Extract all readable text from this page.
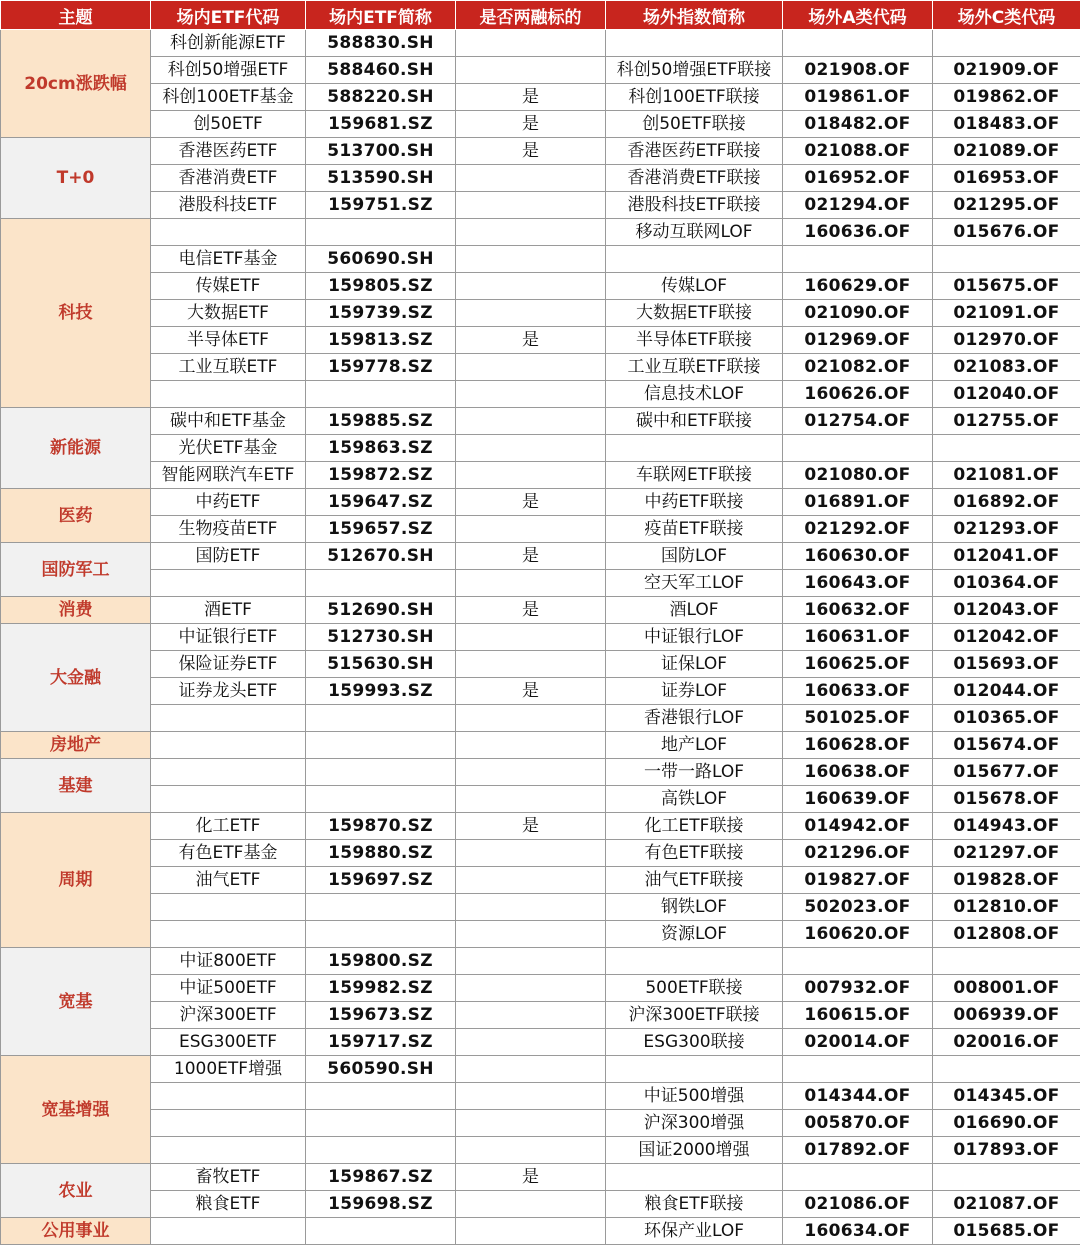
主题	场内ETF代码	场内ETF简称	是否两融标的	场外指数简称	场外A类代码	场外C类代码
20cm涨跌幅	科创新能源ETF	588830.SH				
	科创50增强ETF	588460.SH		科创50增强ETF联接	021908.OF	021909.OF
	科创100ETF基金	588220.SH	是	科创100ETF联接	019861.OF	019862.OF
	创50ETF	159681.SZ	是	创50ETF联接	018482.OF	018483.OF
T+0	香港医药ETF	513700.SH	是	香港医药ETF联接	021088.OF	021089.OF
	香港消费ETF	513590.SH		香港消费ETF联接	016952.OF	016953.OF
	港股科技ETF	159751.SZ		港股科技ETF联接	021294.OF	021295.OF
科技				移动互联网LOF	160636.OF	015676.OF
	电信ETF基金	560690.SH				
	传媒ETF	159805.SZ		传媒LOF	160629.OF	015675.OF
	大数据ETF	159739.SZ		大数据ETF联接	021090.OF	021091.OF
	半导体ETF	159813.SZ	是	半导体ETF联接	012969.OF	012970.OF
	工业互联ETF	159778.SZ		工业互联ETF联接	021082.OF	021083.OF
				信息技术LOF	160626.OF	012040.OF
新能源	碳中和ETF基金	159885.SZ		碳中和ETF联接	012754.OF	012755.OF
	光伏ETF基金	159863.SZ				
	智能网联汽车ETF	159872.SZ		车联网ETF联接	021080.OF	021081.OF
医药	中药ETF	159647.SZ	是	中药ETF联接	016891.OF	016892.OF
	生物疫苗ETF	159657.SZ		疫苗ETF联接	021292.OF	021293.OF
国防军工	国防ETF	512670.SH	是	国防LOF	160630.OF	012041.OF
				空天军工LOF	160643.OF	010364.OF
消费	酒ETF	512690.SH	是	酒LOF	160632.OF	012043.OF
大金融	中证银行ETF	512730.SH		中证银行LOF	160631.OF	012042.OF
	保险证券ETF	515630.SH		证保LOF	160625.OF	015693.OF
	证券龙头ETF	159993.SZ	是	证券LOF	160633.OF	012044.OF
				香港银行LOF	501025.OF	010365.OF
房地产				地产LOF	160628.OF	015674.OF
基建				一带一路LOF	160638.OF	015677.OF
				高铁LOF	160639.OF	015678.OF
周期	化工ETF	159870.SZ	是	化工ETF联接	014942.OF	014943.OF
	有色ETF基金	159880.SZ		有色ETF联接	021296.OF	021297.OF
	油气ETF	159697.SZ		油气ETF联接	019827.OF	019828.OF
				钢铁LOF	502023.OF	012810.OF
				资源LOF	160620.OF	012808.OF
宽基	中证800ETF	159800.SZ				
	中证500ETF	159982.SZ		500ETF联接	007932.OF	008001.OF
	沪深300ETF	159673.SZ		沪深300ETF联接	160615.OF	006939.OF
	ESG300ETF	159717.SZ		ESG300联接	020014.OF	020016.OF
宽基增强	1000ETF增强	560590.SH				
				中证500增强	014344.OF	014345.OF
				沪深300增强	005870.OF	016690.OF
				国证2000增强	017892.OF	017893.OF
农业	畜牧ETF	159867.SZ	是			
	粮食ETF	159698.SZ		粮食ETF联接	021086.OF	021087.OF
公用事业				环保产业LOF	160634.OF	015685.OF
